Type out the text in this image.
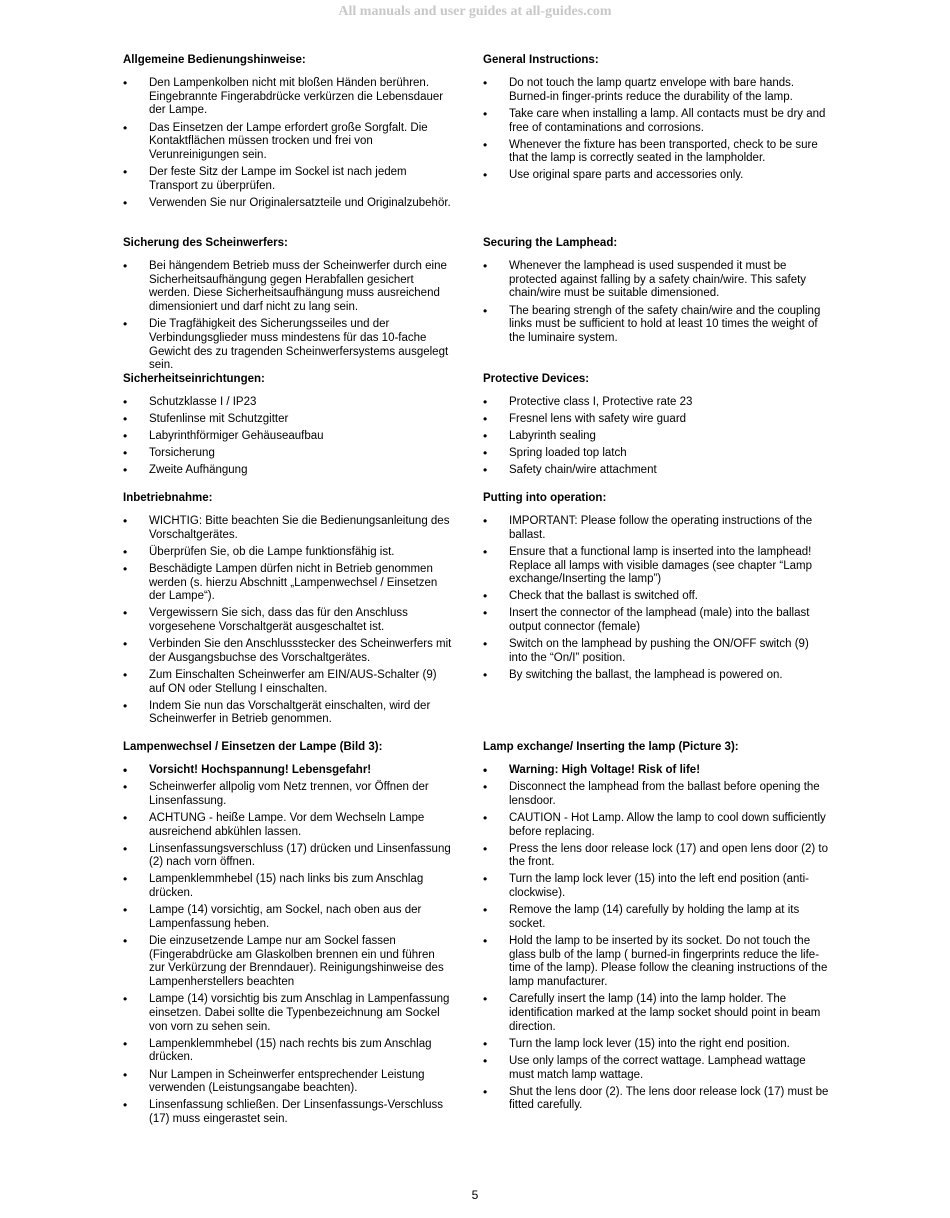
All manuals and user guides at all-guides.com
Allgemeine Bedienungshinweise:
• Den Lampenkolben nicht mit bloßen Händen berühren. Eingebrannte Fingerabdrücke verkürzen die Lebensdauer der Lampe.
• Das Einsetzen der Lampe erfordert große Sorgfalt. Die Kontaktflächen müssen trocken und frei von Verunreinigungen sein.
• Der feste Sitz der Lampe im Sockel ist nach jedem Transport zu überprüfen.
• Verwenden Sie nur Originalersatzteile und Originalzubehör.
Sicherung des Scheinwerfers:
• Bei hängendem Betrieb muss der Scheinwerfer durch eine Sicherheitsaufhängung gegen Herabfallen gesichert werden. Diese Sicherheitsaufhängung muss ausreichend dimensioniert und darf nicht zu lang sein.
• Die Tragfähigkeit des Sicherungsseiles und der Verbindungsglieder muss mindestens für das 10-fache Gewicht des zu tragenden Scheinwerfersystems ausgelegt sein.
Sicherheitseinrichtungen:
• Schutzklasse I / IP23
• Stufenlinse mit Schutzgitter
• Labyrinthförmiger Gehäuseaufbau
• Torsicherung
• Zweite Aufhängung
Inbetriebnahme:
• WICHTIG: Bitte beachten Sie die Bedienungsanleitung des Vorschaltgerätes.
• Überprüfen Sie, ob die Lampe funktionsfähig ist.
• Beschädigte Lampen dürfen nicht in Betrieb genommen werden (s. hierzu Abschnitt „Lampenwechsel / Einsetzen der Lampe“).
• Vergewissern Sie sich, dass das für den Anschluss vorgesehene Vorschaltgerät ausgeschaltet ist.
• Verbinden Sie den Anschlussstecker des Scheinwerfers mit der Ausgangsbuchse des Vorschaltgerätes.
• Zum Einschalten Scheinwerfer am EIN/AUS-Schalter (9) auf ON oder Stellung I einschalten.
• Indem Sie nun das Vorschaltgerät einschalten, wird der Scheinwerfer in Betrieb genommen.
Lampenwechsel / Einsetzen der Lampe (Bild 3):
• Vorsicht! Hochspannung! Lebensgefahr!
• Scheinwerfer allpolig vom Netz trennen, vor Öffnen der Linsenfassung.
• ACHTUNG - heiße Lampe. Vor dem Wechseln Lampe ausreichend abkühlen lassen.
• Linsenfassungsverschluss (17) drücken und Linsenfassung (2) nach vorn öffnen.
• Lampenklemmhebel (15) nach links bis zum Anschlag drücken.
• Lampe (14) vorsichtig, am Sockel, nach oben aus der Lampenfassung heben.
• Die einzusetzende Lampe nur am Sockel fassen (Fingerabdrücke am Glaskolben brennen ein und führen zur Verkürzung der Brenndauer). Reinigungshinweise des Lampenherstellers beachten
• Lampe (14) vorsichtig bis zum Anschlag in Lampenfassung einsetzen. Dabei sollte die Typenbezeichnung am Sockel von vorn zu sehen sein.
• Lampenklemmhebel (15) nach rechts bis zum Anschlag drücken.
• Nur Lampen in Scheinwerfer entsprechender Leistung verwenden (Leistungsangabe beachten).
• Linsenfassung schließen. Der Linsenfassungs-Verschluss (17) muss eingerastet sein.
General Instructions:
• Do not touch the lamp quartz envelope with bare hands. Burned-in finger-prints reduce the durability of the lamp.
• Take care when installing a lamp. All contacts must be dry and free of contaminations and corrosions.
• Whenever the fixture has been transported, check to be sure that the lamp is correctly seated in the lampholder.
• Use original spare parts and accessories only.
Securing the Lamphead:
• Whenever the lamphead is used suspended it must be protected against falling by a safety chain/wire. This safety chain/wire must be suitable dimensioned.
• The bearing strengh of the safety chain/wire and the coupling links must be sufficient to hold at least 10 times the weight of the luminaire system.
Protective Devices:
• Protective class I, Protective rate 23
• Fresnel lens with safety wire guard
• Labyrinth sealing
• Spring loaded top latch
• Safety chain/wire attachment
Putting into operation:
• IMPORTANT: Please follow the operating instructions of the ballast.
• Ensure that a functional lamp is inserted into the lamphead! Replace all lamps with visible damages (see chapter “Lamp exchange/Inserting the lamp”)
• Check that the ballast is switched off.
• Insert the connector of the lamphead (male) into the ballast output connector (female)
• Switch on the lamphead by pushing the ON/OFF switch (9) into the “On/I” position.
• By switching the ballast, the lamphead is powered on.
Lamp exchange/ Inserting the lamp (Picture 3):
• Warning: High Voltage! Risk of life!
• Disconnect the lamphead from the ballast before opening the lensdoor.
• CAUTION - Hot Lamp. Allow the lamp to cool down sufficiently before replacing.
• Press the lens door release lock (17) and open lens door (2) to the front.
• Turn the lamp lock lever (15) into the left end position (anti-clockwise).
• Remove the lamp (14) carefully by holding the lamp at its socket.
• Hold the lamp to be inserted by its socket. Do not touch the glass bulb of the lamp ( burned-in fingerprints reduce the life-time of the lamp). Please follow the cleaning instructions of the lamp manufacturer.
• Carefully insert the lamp (14) into the lamp holder. The identification marked at the lamp socket should point in beam direction.
• Turn the lamp lock lever (15) into the right end position.
• Use only lamps of the correct wattage. Lamphead wattage must match lamp wattage.
• Shut the lens door (2). The lens door release lock (17) must be fitted carefully.
5
